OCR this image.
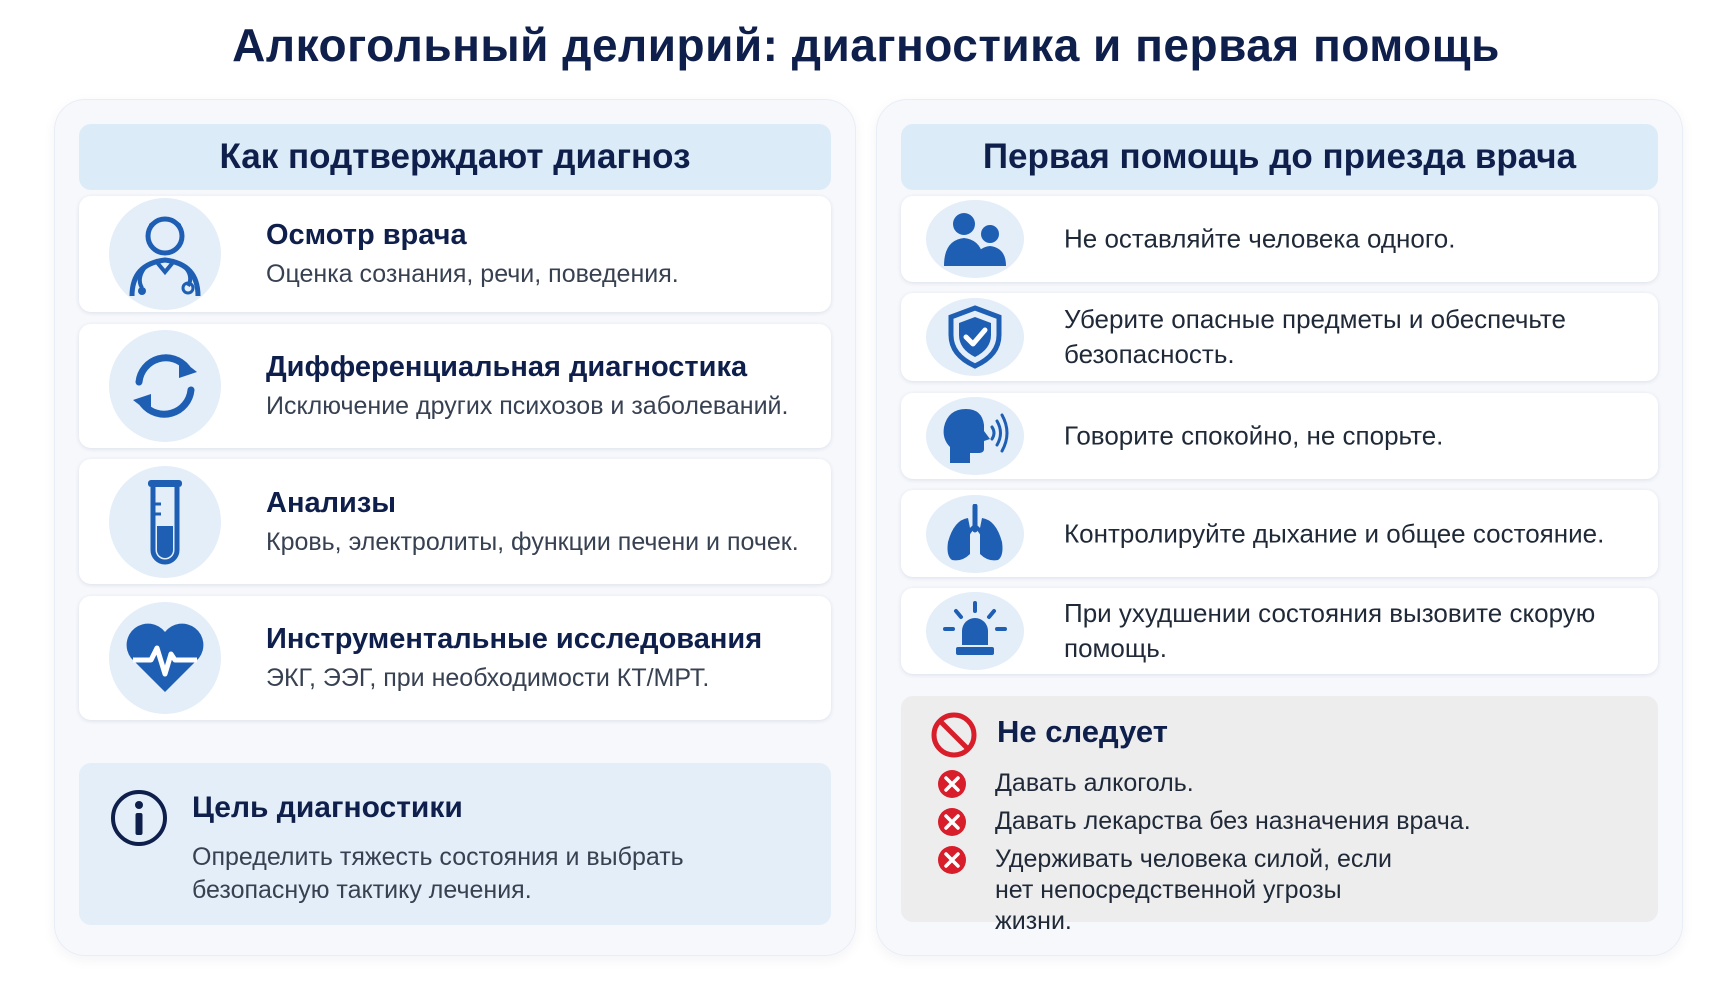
Алкогольный делирий: диагностика и первая помощь
Как подтверждают диагноз
Осмотр врача
Оценка сознания, речи, поведения.
Дифференциальная диагностика
Исключение других психозов и заболеваний.
Анализы
Кровь, электролиты, функции печени и почек.
Инструментальные исследования
ЭКГ, ЭЭГ, при необходимости КТ/МРТ.
Цель диагностики
Определить тяжесть состояния и выбрать безопасную тактику лечения.
Первая помощь до приезда врача
Не оставляйте человека одного.
Уберите опасные предметы и обеспечьте безопасность.
Говорите спокойно, не спорьте.
Контролируйте дыхание и общее состояние.
При ухудшении состояния вызовите скорую помощь.
Не следует
Давать алкоголь.
Давать лекарства без назначения врача.
Удерживать человека силой, если нет непосредственной угрозы жизни.
